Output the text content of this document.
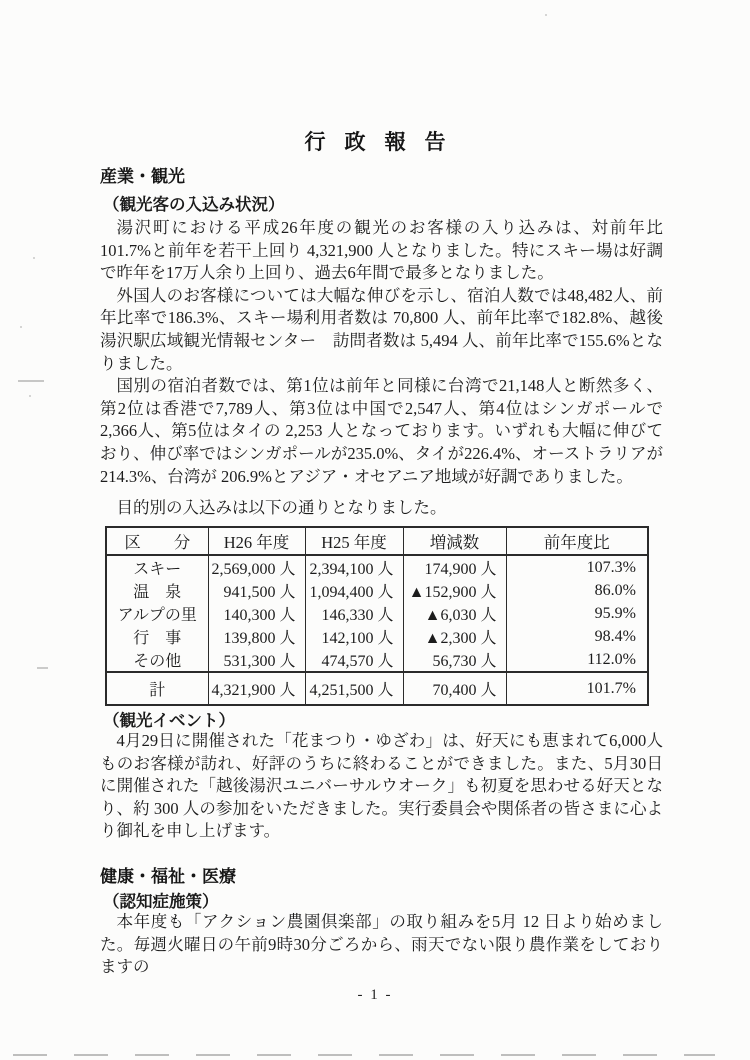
行政報告
産業・観光
（観光客の入込み状況）

湯沢町における平成26年度の観光のお客様の入り込みは、対前年比 101.7%と前年を若干上回り 4,321,900 人となりました。特にスキー場は好調で昨年を17万人余り上回り、過去6年間で最多となりました。

外国人のお客様については大幅な伸びを示し、宿泊人数では48,482人、前年比率で186.3%、スキー場利用者数は 70,800 人、前年比率で182.8%、越後湯沢駅広域観光情報センター　訪問者数は 5,494 人、前年比率で155.6%となりました。

国別の宿泊者数では、第1位は前年と同様に台湾で21,148人と断然多く、第2位は香港で7,789人、第3位は中国で2,547人、第4位はシンガポールで2,366人、第5位はタイの 2,253 人となっております。いずれも大幅に伸びており、伸び率ではシンガポールが235.0%、タイが226.4%、オーストラリアが214.3%、台湾が 206.9%とアジア・オセアニア地域が好調でありました。

目的別の入込みは以下の通りとなりました。

区　　分	H26 年度	H25 年度	増減数	前年度比
スキー	2,569,000 人	2,394,100 人	174,900 人	107.3%
温　泉	941,500 人	1,094,400 人	▲152,900 人	86.0%
アルプの里	140,300 人	146,330 人	▲6,030 人	95.9%
行　事	139,800 人	142,100 人	▲2,300 人	98.4%
その他	531,300 人	474,570 人	56,730 人	112.0%
計	4,321,900 人	4,251,500 人	70,400 人	101.7%
（観光イベント）

4月29日に開催された「花まつり・ゆざわ」は、好天にも恵まれて6,000人ものお客様が訪れ、好評のうちに終わることができました。また、5月30日に開催された「越後湯沢ユニバーサルウオーク」も初夏を思わせる好天となり、約 300 人の参加をいただきました。実行委員会や関係者の皆さまに心より御礼を申し上げます。

健康・福祉・医療
（認知症施策）

本年度も「アクション農園倶楽部」の取り組みを5月 12 日より始めました。毎週火曜日の午前9時30分ごろから、雨天でない限り農作業をしておりますの

- 1 -
